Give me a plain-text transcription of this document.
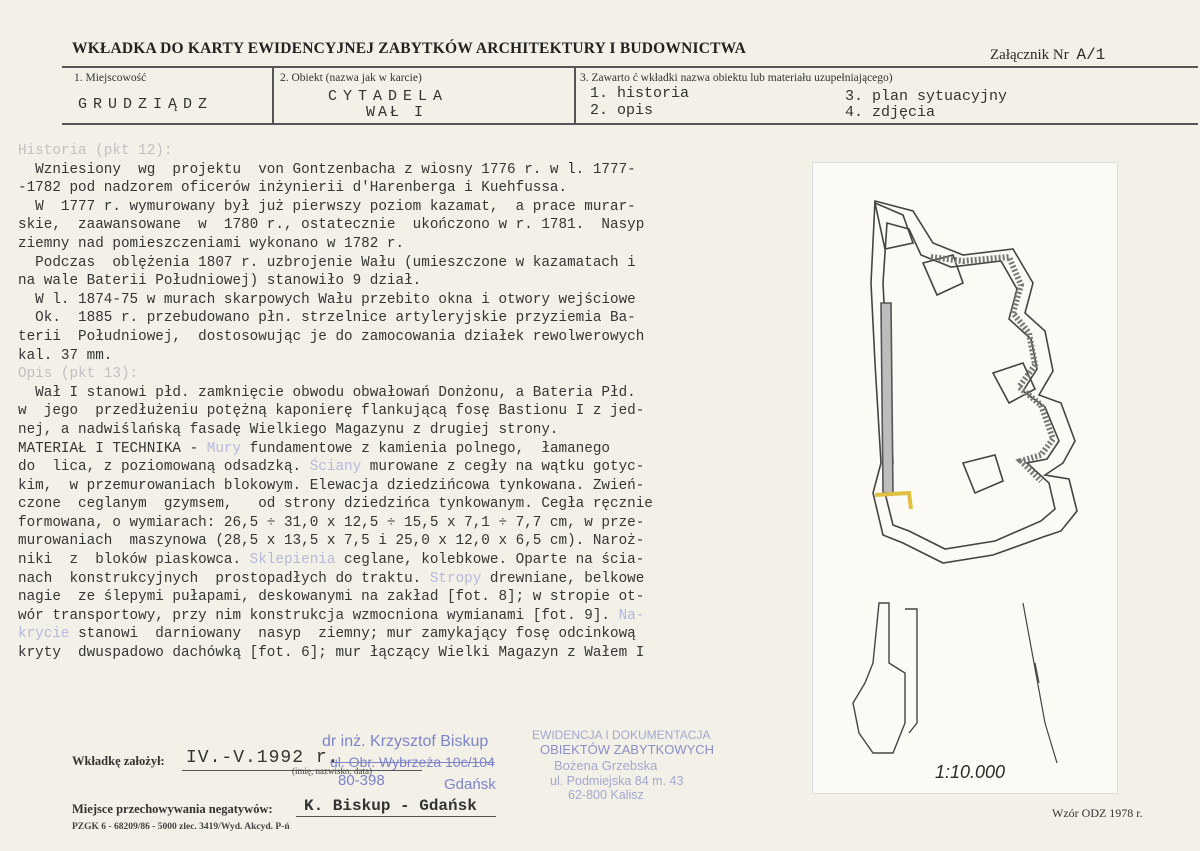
WKŁADKA DO KARTY EWIDENCYJNEJ ZABYTKÓW ARCHITEKTURY I BUDOWNICTWA	Załącznik Nr A/1
1. Miejscowość
GRUDZIĄDZ
2. Obiekt (nazwa jak w karcie)
CYTADELA
WAŁ I
3. Zawarto ć wkładki nazwa obiektu lub materiału uzupełniającego)
1. historia
2. opis
3. plan sytuacyjny
4. zdjęcia
Historia (pkt 12):
Wzniesiony  wg  projektu  von Gontzenbacha z wiosny 1776 r. w l. 1777-
-1782 pod nadzorem oficerów inżynierii d'Harenberga i Kuehfussa.
W  1777 r. wymurowany był już pierwszy poziom kazamat,  a prace murar-
skie,  zaawansowane  w  1780 r., ostatecznie  ukończono w r. 1781.  Nasyp
ziemny nad pomieszczeniami wykonano w 1782 r.
Podczas  oblężenia 1807 r. uzbrojenie Wału (umieszczone w kazamatach i
na wale Baterii Południowej) stanowiło 9 dział.
W l. 1874-75 w murach skarpowych Wału przebito okna i otwory wejściowe
Ok.  1885 r. przebudowano płn. strzelnice artyleryjskie przyziemia Ba-
terii  Południowej,  dostosowując je do zamocowania działek rewolwerowych
kal. 37 mm.
Opis (pkt 13):
Wał I stanowi płd. zamknięcie obwodu obwałowań Donżonu, a Bateria Płd.
w  jego  przedłużeniu potężną kaponierę flankującą fosę Bastionu I z jed-
nej, a nadwiślańską fasadę Wielkiego Magazynu z drugiej strony.
MATERIAŁ I TECHNIKA - Mury fundamentowe z kamienia polnego,  łamanego
do  lica, z poziomowaną odsadzką. Ściany murowane z cegły na wątku gotyc-
kim,  w przemurowaniach blokowym. Elewacja dziedzińcowa tynkowana. Zwień-
czone  ceglanym  gzymsem,   od strony dziedzińca tynkowanym. Cegła ręcznie
formowana, o wymiarach: 26,5 ÷ 31,0 x 12,5 ÷ 15,5 x 7,1 ÷ 7,7 cm, w prze-
murowaniach  maszynowa (28,5 x 13,5 x 7,5 i 25,0 x 12,0 x 6,5 cm). Naroż-
niki  z  bloków piaskowca. Sklepienia ceglane, kolebkowe. Oparte na ścia-
nach  konstrukcyjnych  prostopadłych do traktu. Stropy drewniane, belkowe
nagie  ze ślepymi pułapami, deskowanymi na zakład [fot. 8]; w stropie ot-
wór transportowy, przy nim konstrukcja wzmocniona wymianami [fot. 9]. Na-
krycie stanowi  darniowany  nasyp  ziemny; mur zamykający fosę odcinkową
kryty  dwuspadowo dachówką [fot. 6]; mur łączący Wielki Magazyn z Wałem I
1:10.000
Wkładkę założył: IV.-V.1992 r.
(imię, nazwisko, data)
dr inż. Krzysztof Biskup
ul. Obr. Wybrzeża 10c/104
80-398	Gdańsk
EWIDENCJA I DOKUMENTACJA
OBIEKTÓW ZABYTKOWYCH
Bożena Grzebska
ul. Podmiejska 84 m. 43
62-800 Kalisz
Miejsce przechowywania negatywów: K. Biskup - Gdańsk
PZGK 6 - 68209/86 - 5000 zlec. 3419/Wyd. Akcyd. P-ń
Wzór ODZ 1978 r.
